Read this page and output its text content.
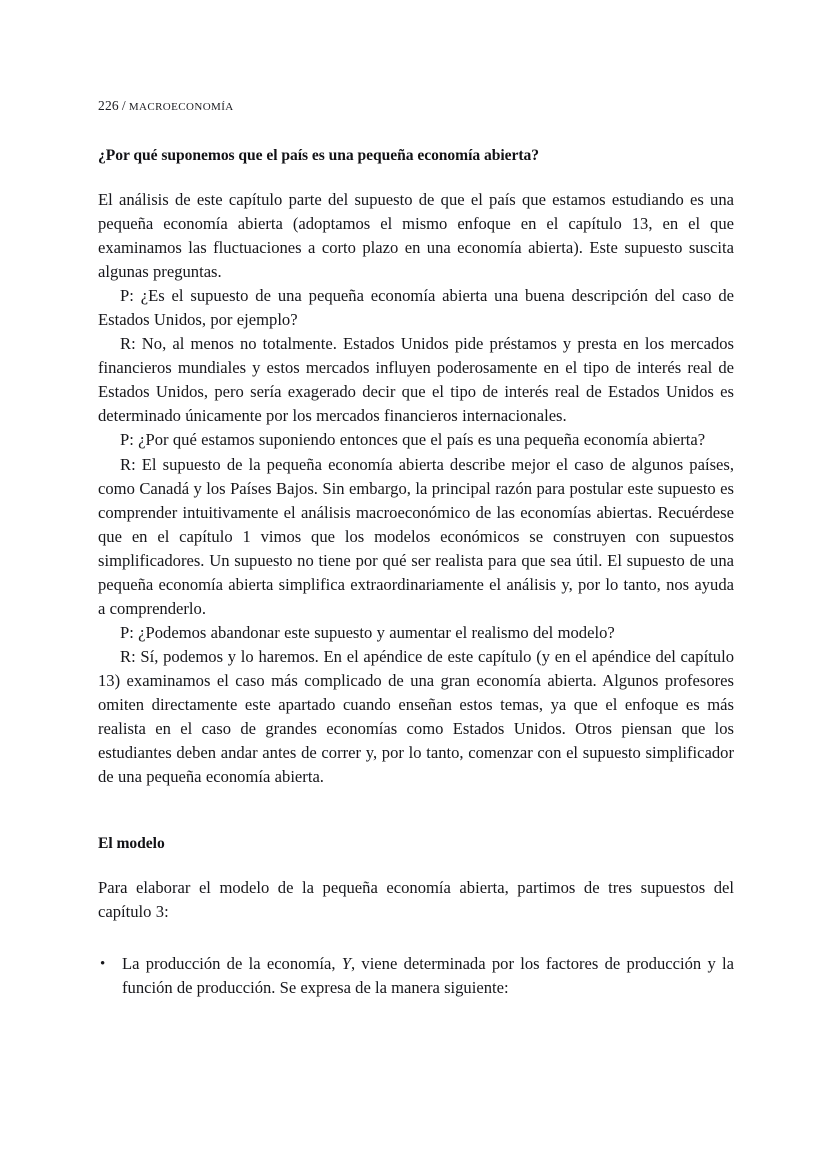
226 / macroeconomía
¿Por qué suponemos que el país es una pequeña economía abierta?

El análisis de este capítulo parte del supuesto de que el país que estamos estudiando es una pequeña economía abierta (adoptamos el mismo enfoque en el capítulo 13, en el que examinamos las fluctuaciones a corto plazo en una economía abierta). Este supuesto suscita algunas preguntas.

P: ¿Es el supuesto de una pequeña economía abierta una buena descripción del caso de Estados Unidos, por ejemplo?

R: No, al menos no totalmente. Estados Unidos pide préstamos y presta en los mercados financieros mundiales y estos mercados influyen poderosamente en el tipo de interés real de Estados Unidos, pero sería exagerado decir que el tipo de interés real de Estados Unidos es determinado únicamente por los mercados financieros internacionales.

P: ¿Por qué estamos suponiendo entonces que el país es una pequeña economía abierta?

R: El supuesto de la pequeña economía abierta describe mejor el caso de algunos países, como Canadá y los Países Bajos. Sin embargo, la principal razón para postular este supuesto es comprender intuitivamente el análisis macroeconómico de las economías abiertas. Recuérdese que en el capítulo 1 vimos que los modelos económicos se construyen con supuestos simplificadores. Un supuesto no tiene por qué ser realista para que sea útil. El supuesto de una pequeña economía abierta simplifica extraordinariamente el análisis y, por lo tanto, nos ayuda a comprenderlo.

P: ¿Podemos abandonar este supuesto y aumentar el realismo del modelo?

R: Sí, podemos y lo haremos. En el apéndice de este capítulo (y en el apéndice del capítulo 13) examinamos el caso más complicado de una gran economía abierta. Algunos profesores omiten directamente este apartado cuando enseñan estos temas, ya que el enfoque es más realista en el caso de grandes economías como Estados Unidos. Otros piensan que los estudiantes deben andar antes de correr y, por lo tanto, comenzar con el supuesto simplificador de una pequeña economía abierta.

El modelo

Para elaborar el modelo de la pequeña economía abierta, partimos de tres supuestos del capítulo 3:

• La producción de la economía, Y, viene determinada por los factores de producción y la función de producción. Se expresa de la manera siguiente:
